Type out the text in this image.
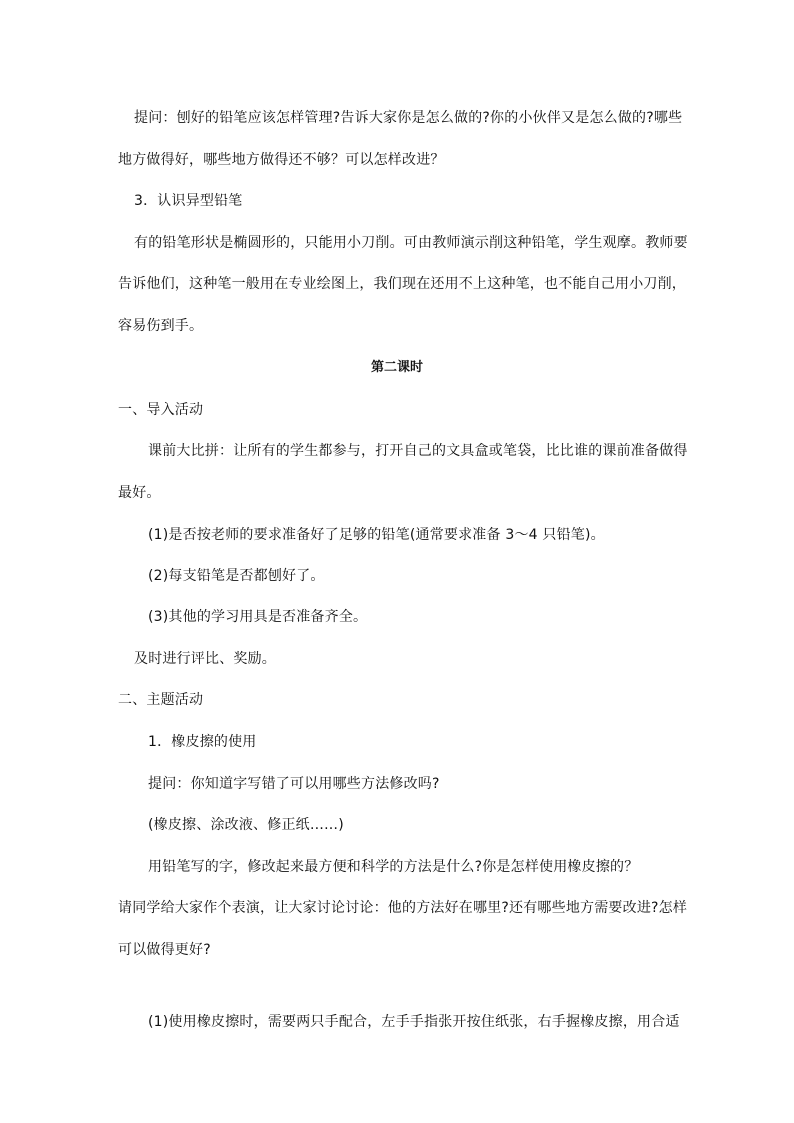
提问：刨好的铅笔应该怎样管理?告诉大家你是怎么做的?你的小伙伴又是怎么做的?哪些
地方做得好，哪些地方做得还不够？可以怎样改进？
3．认识异型铅笔
有的铅笔形状是椭圆形的，只能用小刀削。可由教师演示削这种铅笔，学生观摩。教师要
告诉他们，这种笔一般用在专业绘图上，我们现在还用不上这种笔，也不能自己用小刀削，
容易伤到手。
第二课时
一、导入活动
课前大比拼：让所有的学生都参与，打开自己的文具盒或笔袋，比比谁的课前准备做得
最好。
(1)是否按老师的要求准备好了足够的铅笔(通常要求准备 3～4 只铅笔)。
(2)每支铅笔是否都刨好了。
(3)其他的学习用具是否准备齐全。
及时进行评比、奖励。
二、主题活动
1．橡皮擦的使用
提问：你知道字写错了可以用哪些方法修改吗?
(橡皮擦、涂改液、修正纸……)
用铅笔写的字，修改起来最方便和科学的方法是什么?你是怎样使用橡皮擦的？
请同学给大家作个表演，让大家讨论讨论：他的方法好在哪里?还有哪些地方需要改进?怎样
可以做得更好?
(1)使用橡皮擦时，需要两只手配合，左手手指张开按住纸张，右手握橡皮擦，用合适
